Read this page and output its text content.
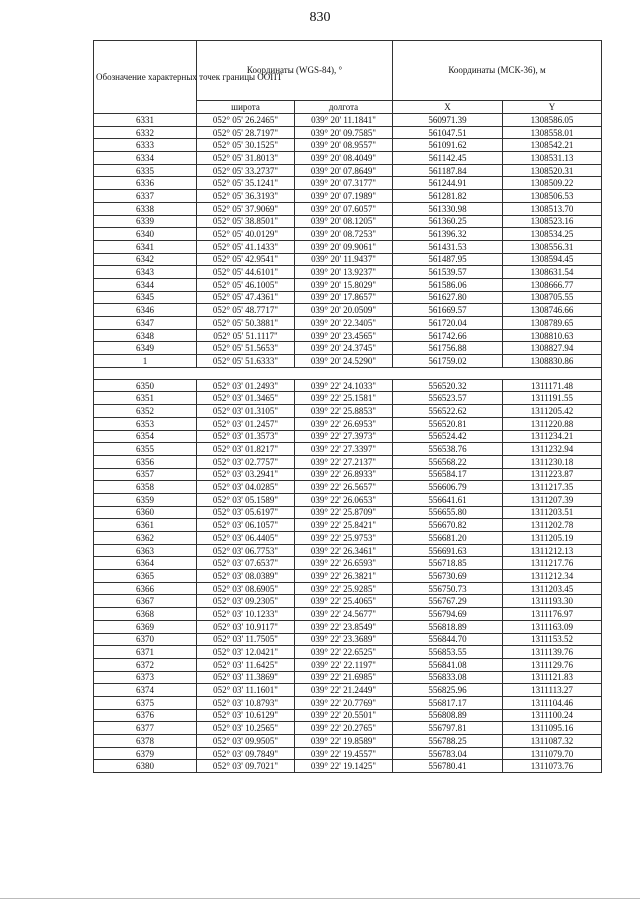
830
Обозначение характерных точек границы ООПТ	Координаты (WGS-84), °		Координаты (МСК-36), м	
	широта	долгота	X	Y
6331	052° 05' 26.2465"	039° 20' 11.1841"	560971.39	1308586.05
6332	052° 05' 28.7197"	039° 20' 09.7585"	561047.51	1308558.01
6333	052° 05' 30.1525"	039° 20' 08.9557"	561091.62	1308542.21
6334	052° 05' 31.8013"	039° 20' 08.4049"	561142.45	1308531.13
6335	052° 05' 33.2737"	039° 20' 07.8649"	561187.84	1308520.31
6336	052° 05' 35.1241"	039° 20' 07.3177"	561244.91	1308509.22
6337	052° 05' 36.3193"	039° 20' 07.1989"	561281.82	1308506.53
6338	052° 05' 37.9069"	039° 20' 07.6057"	561330.98	1308513.70
6339	052° 05' 38.8501"	039° 20' 08.1205"	561360.25	1308523.16
6340	052° 05' 40.0129"	039° 20' 08.7253"	561396.32	1308534.25
6341	052° 05' 41.1433"	039° 20' 09.9061"	561431.53	1308556.31
6342	052° 05' 42.9541"	039° 20' 11.9437"	561487.95	1308594.45
6343	052° 05' 44.6101"	039° 20' 13.9237"	561539.57	1308631.54
6344	052° 05' 46.1005"	039° 20' 15.8029"	561586.06	1308666.77
6345	052° 05' 47.4361"	039° 20' 17.8657"	561627.80	1308705.55
6346	052° 05' 48.7717"	039° 20' 20.0509"	561669.57	1308746.66
6347	052° 05' 50.3881"	039° 20' 22.3405"	561720.04	1308789.65
6348	052° 05' 51.1117"	039° 20' 23.4565"	561742.66	1308810.63
6349	052° 05' 51.5653"	039° 20' 24.3745"	561756.88	1308827.94
1	052° 05' 51.6333"	039° 20' 24.5290"	561759.02	1308830.86

6350	052° 03' 01.2493"	039° 22' 24.1033"	556520.32	1311171.48
6351	052° 03' 01.3465"	039° 22' 25.1581"	556523.57	1311191.55
6352	052° 03' 01.3105"	039° 22' 25.8853"	556522.62	1311205.42
6353	052° 03' 01.2457"	039° 22' 26.6953"	556520.81	1311220.88
6354	052° 03' 01.3573"	039° 22' 27.3973"	556524.42	1311234.21
6355	052° 03' 01.8217"	039° 22' 27.3397"	556538.76	1311232.94
6356	052° 03' 02.7757"	039° 22' 27.2137"	556568.22	1311230.18
6357	052° 03' 03.2941"	039° 22' 26.8933"	556584.17	1311223.87
6358	052° 03' 04.0285"	039° 22' 26.5657"	556606.79	1311217.35
6359	052° 03' 05.1589"	039° 22' 26.0653"	556641.61	1311207.39
6360	052° 03' 05.6197"	039° 22' 25.8709"	556655.80	1311203.51
6361	052° 03' 06.1057"	039° 22' 25.8421"	556670.82	1311202.78
6362	052° 03' 06.4405"	039° 22' 25.9753"	556681.20	1311205.19
6363	052° 03' 06.7753"	039° 22' 26.3461"	556691.63	1311212.13
6364	052° 03' 07.6537"	039° 22' 26.6593"	556718.85	1311217.76
6365	052° 03' 08.0389"	039° 22' 26.3821"	556730.69	1311212.34
6366	052° 03' 08.6905"	039° 22' 25.9285"	556750.73	1311203.45
6367	052° 03' 09.2305"	039° 22' 25.4065"	556767.29	1311193.30
6368	052° 03' 10.1233"	039° 22' 24.5677"	556794.69	1311176.97
6369	052° 03' 10.9117"	039° 22' 23.8549"	556818.89	1311163.09
6370	052° 03' 11.7505"	039° 22' 23.3689"	556844.70	1311153.52
6371	052° 03' 12.0421"	039° 22' 22.6525"	556853.55	1311139.76
6372	052° 03' 11.6425"	039° 22' 22.1197"	556841.08	1311129.76
6373	052° 03' 11.3869"	039° 22' 21.6985"	556833.08	1311121.83
6374	052° 03' 11.1601"	039° 22' 21.2449"	556825.96	1311113.27
6375	052° 03' 10.8793"	039° 22' 20.7769"	556817.17	1311104.46
6376	052° 03' 10.6129"	039° 22' 20.5501"	556808.89	1311100.24
6377	052° 03' 10.2565"	039° 22' 20.2765"	556797.81	1311095.16
6378	052° 03' 09.9505"	039° 22' 19.8589"	556788.25	1311087.32
6379	052° 03' 09.7849"	039° 22' 19.4557"	556783.04	1311079.70
6380	052° 03' 09.7021"	039° 22' 19.1425"	556780.41	1311073.76
